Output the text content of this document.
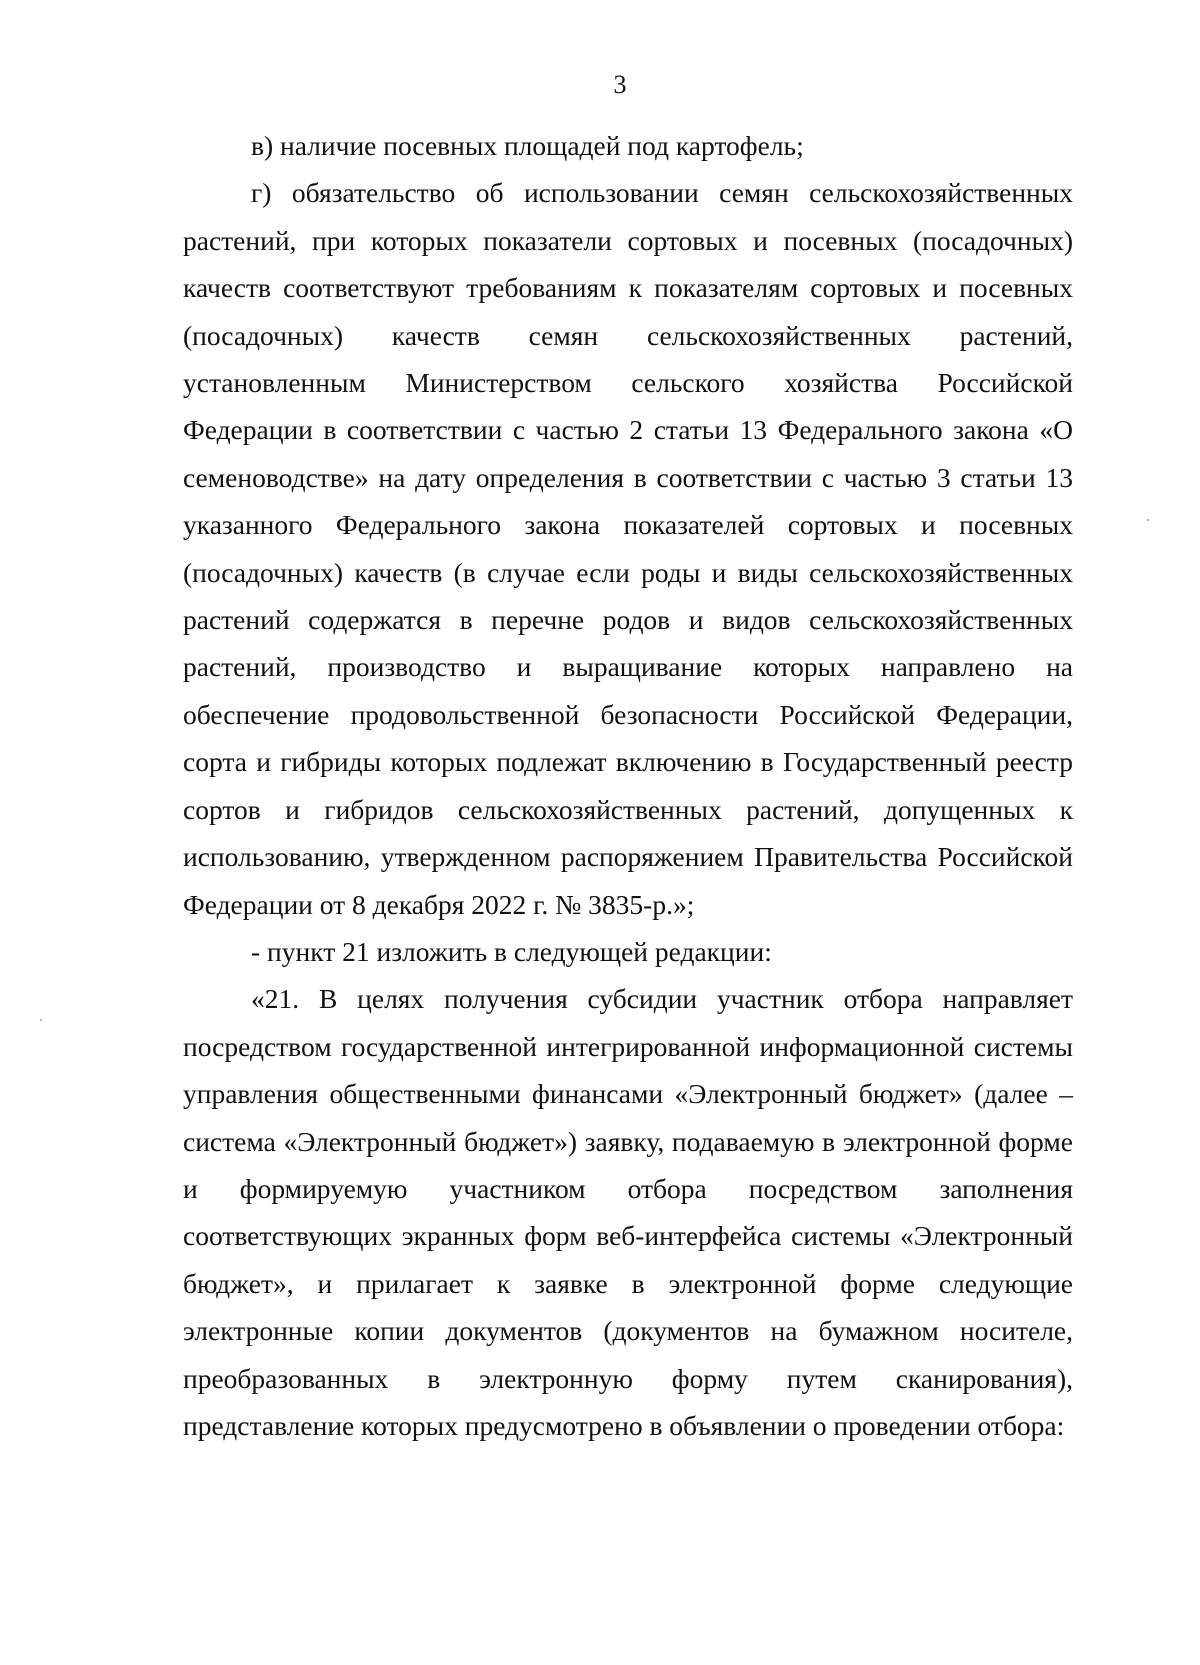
3

в) наличие посевных площадей под картофель;

г) обязательство об использовании семян сельскохозяйственных растений, при которых показатели сортовых и посевных (посадочных) качеств соответствуют требованиям к показателям сортовых и посевных (посадочных) качеств семян сельскохозяйственных растений, установленным Министерством сельского хозяйства Российской Федерации в соответствии с частью 2 статьи 13 Федерального закона «О семеноводстве» на дату определения в соответствии с частью 3 статьи 13 указанного Федерального закона показателей сортовых и посевных (посадочных) качеств (в случае если роды и виды сельскохозяйственных растений содержатся в перечне родов и видов сельскохозяйственных растений, производство и выращивание которых направлено на обеспечение продовольственной безопасности Российской Федерации, сорта и гибриды которых подлежат включению в Государственный реестр сортов и гибридов сельскохозяйственных растений, допущенных к использованию, утвержденном распоряжением Правительства Российской Федерации от 8 декабря 2022 г. № 3835-р.»;

- пункт 21 изложить в следующей редакции:

«21. В целях получения субсидии участник отбора направляет посредством государственной интегрированной информационной системы управления общественными финансами «Электронный бюджет» (далее – система «Электронный бюджет») заявку, подаваемую в электронной форме и формируемую участником отбора посредством заполнения соответствующих экранных форм веб-интерфейса системы «Электронный бюджет», и прилагает к заявке в электронной форме следующие электронные копии документов (документов на бумажном носителе, преобразованных в электронную форму путем сканирования), представление которых предусмотрено в объявлении о проведении отбора:
